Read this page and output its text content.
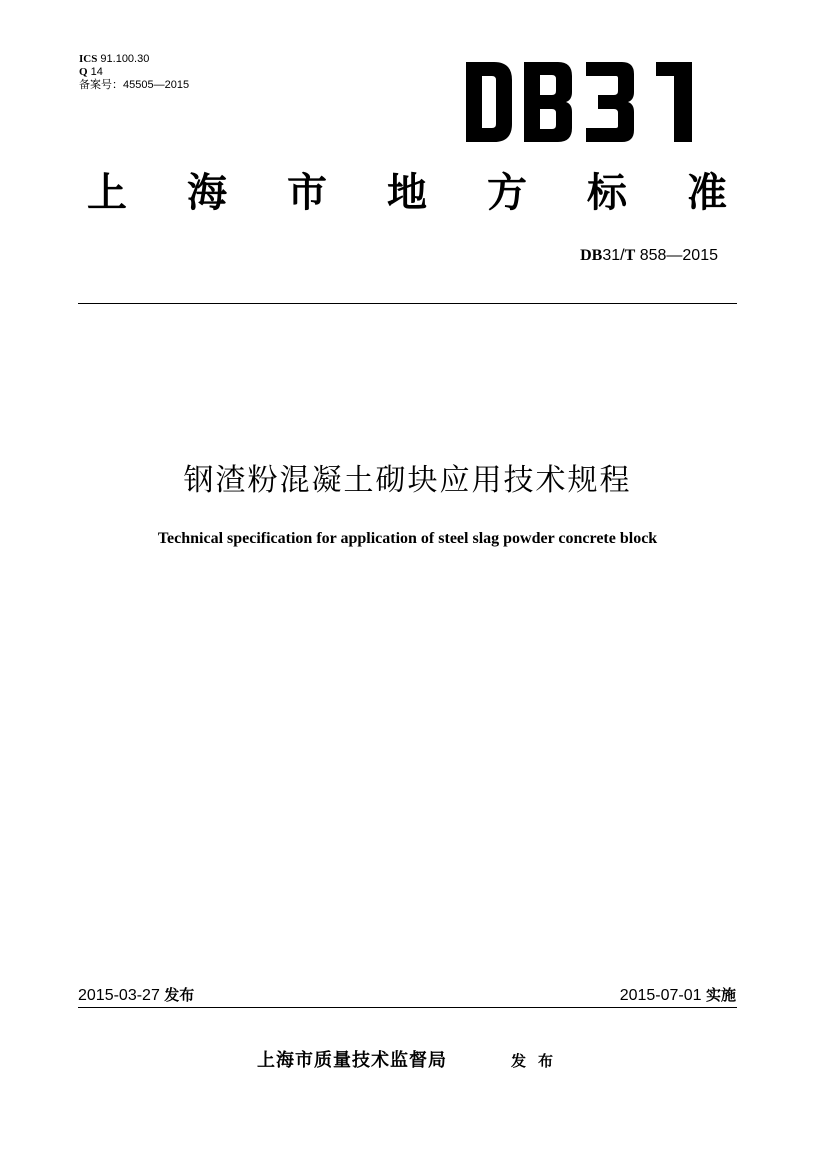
ICS 91.100.30
Q 14
备案号：45505—2015
上 海 市 地 方 标 准
DB31/T 858—2015
钢渣粉混凝土砌块应用技术规程
Technical specification for application of steel slag powder concrete block
2015-03-27 发布	2015-07-01 实施
上海市质量技术监督局	发布
